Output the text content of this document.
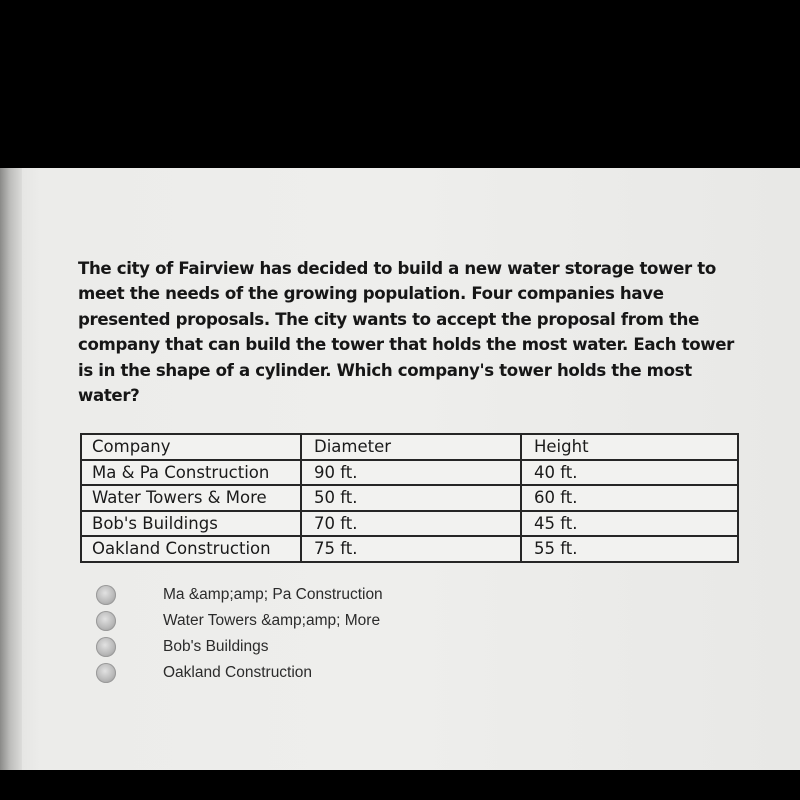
The city of Fairview has decided to build a new water storage tower to meet the needs of the growing population. Four companies have presented proposals. The city wants to accept the proposal from the company that can build the tower that holds the most water. Each tower is in the shape of a cylinder. Which company's tower holds the most water?

Company	Diameter	Height
Ma & Pa Construction	90 ft.	40 ft.
Water Towers & More	50 ft.	60 ft.
Bob's Buildings	70 ft.	45 ft.
Oakland Construction	75 ft.	55 ft.
Ma &amp;amp; Pa Construction
Water Towers &amp;amp; More
Bob's Buildings
Oakland Construction
